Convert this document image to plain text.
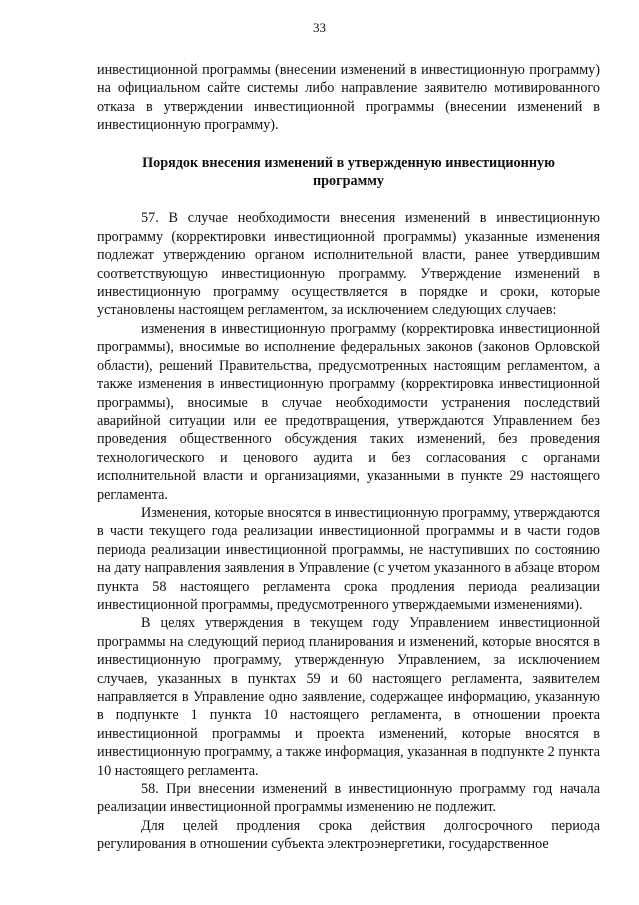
33

инвестиционной программы (внесении изменений в инвестиционную программу) на официальном сайте системы либо направление заявителю мотивированного отказа в утверждении инвестиционной программы (внесении изменений в инвестиционную программу).

Порядок внесения изменений в утвержденную инвестиционную программу

57. В случае необходимости внесения изменений в инвестиционную программу (корректировки инвестиционной программы) указанные изменения подлежат утверждению органом исполнительной власти, ранее утвердившим соответствующую инвестиционную программу. Утверждение изменений в инвестиционную программу осуществляется в порядке и сроки, которые установлены настоящем регламентом, за исключением следующих случаев:

изменения в инвестиционную программу (корректировка инвестиционной программы), вносимые во исполнение федеральных законов (законов Орловской области), решений Правительства, предусмотренных настоящим регламентом, а также изменения в инвестиционную программу (корректировка инвестиционной программы), вносимые в случае необходимости устранения последствий аварийной ситуации или ее предотвращения, утверждаются Управлением без проведения общественного обсуждения таких изменений, без проведения технологического и ценового аудита и без согласования с органами исполнительной власти и организациями, указанными в пункте 29 настоящего регламента.

Изменения, которые вносятся в инвестиционную программу, утверждаются в части текущего года реализации инвестиционной программы и в части годов периода реализации инвестиционной программы, не наступивших по состоянию на дату направления заявления в Управление (с учетом указанного в абзаце втором пункта 58 настоящего регламента срока продления периода реализации инвестиционной программы, предусмотренного утверждаемыми изменениями).

В целях утверждения в текущем году Управлением инвестиционной программы на следующий период планирования и изменений, которые вносятся в инвестиционную программу, утвержденную Управлением, за исключением случаев, указанных в пунктах 59 и 60 настоящего регламента, заявителем направляется в Управление одно заявление, содержащее информацию, указанную в подпункте 1 пункта 10 настоящего регламента, в отношении проекта инвестиционной программы и проекта изменений, которые вносятся в инвестиционную программу, а также информация, указанная в подпункте 2 пункта 10 настоящего регламента.

58. При внесении изменений в инвестиционную программу год начала реализации инвестиционной программы изменению не подлежит.

Для целей продления срока действия долгосрочного периода регулирования в отношении субъекта электроэнергетики, государственное
